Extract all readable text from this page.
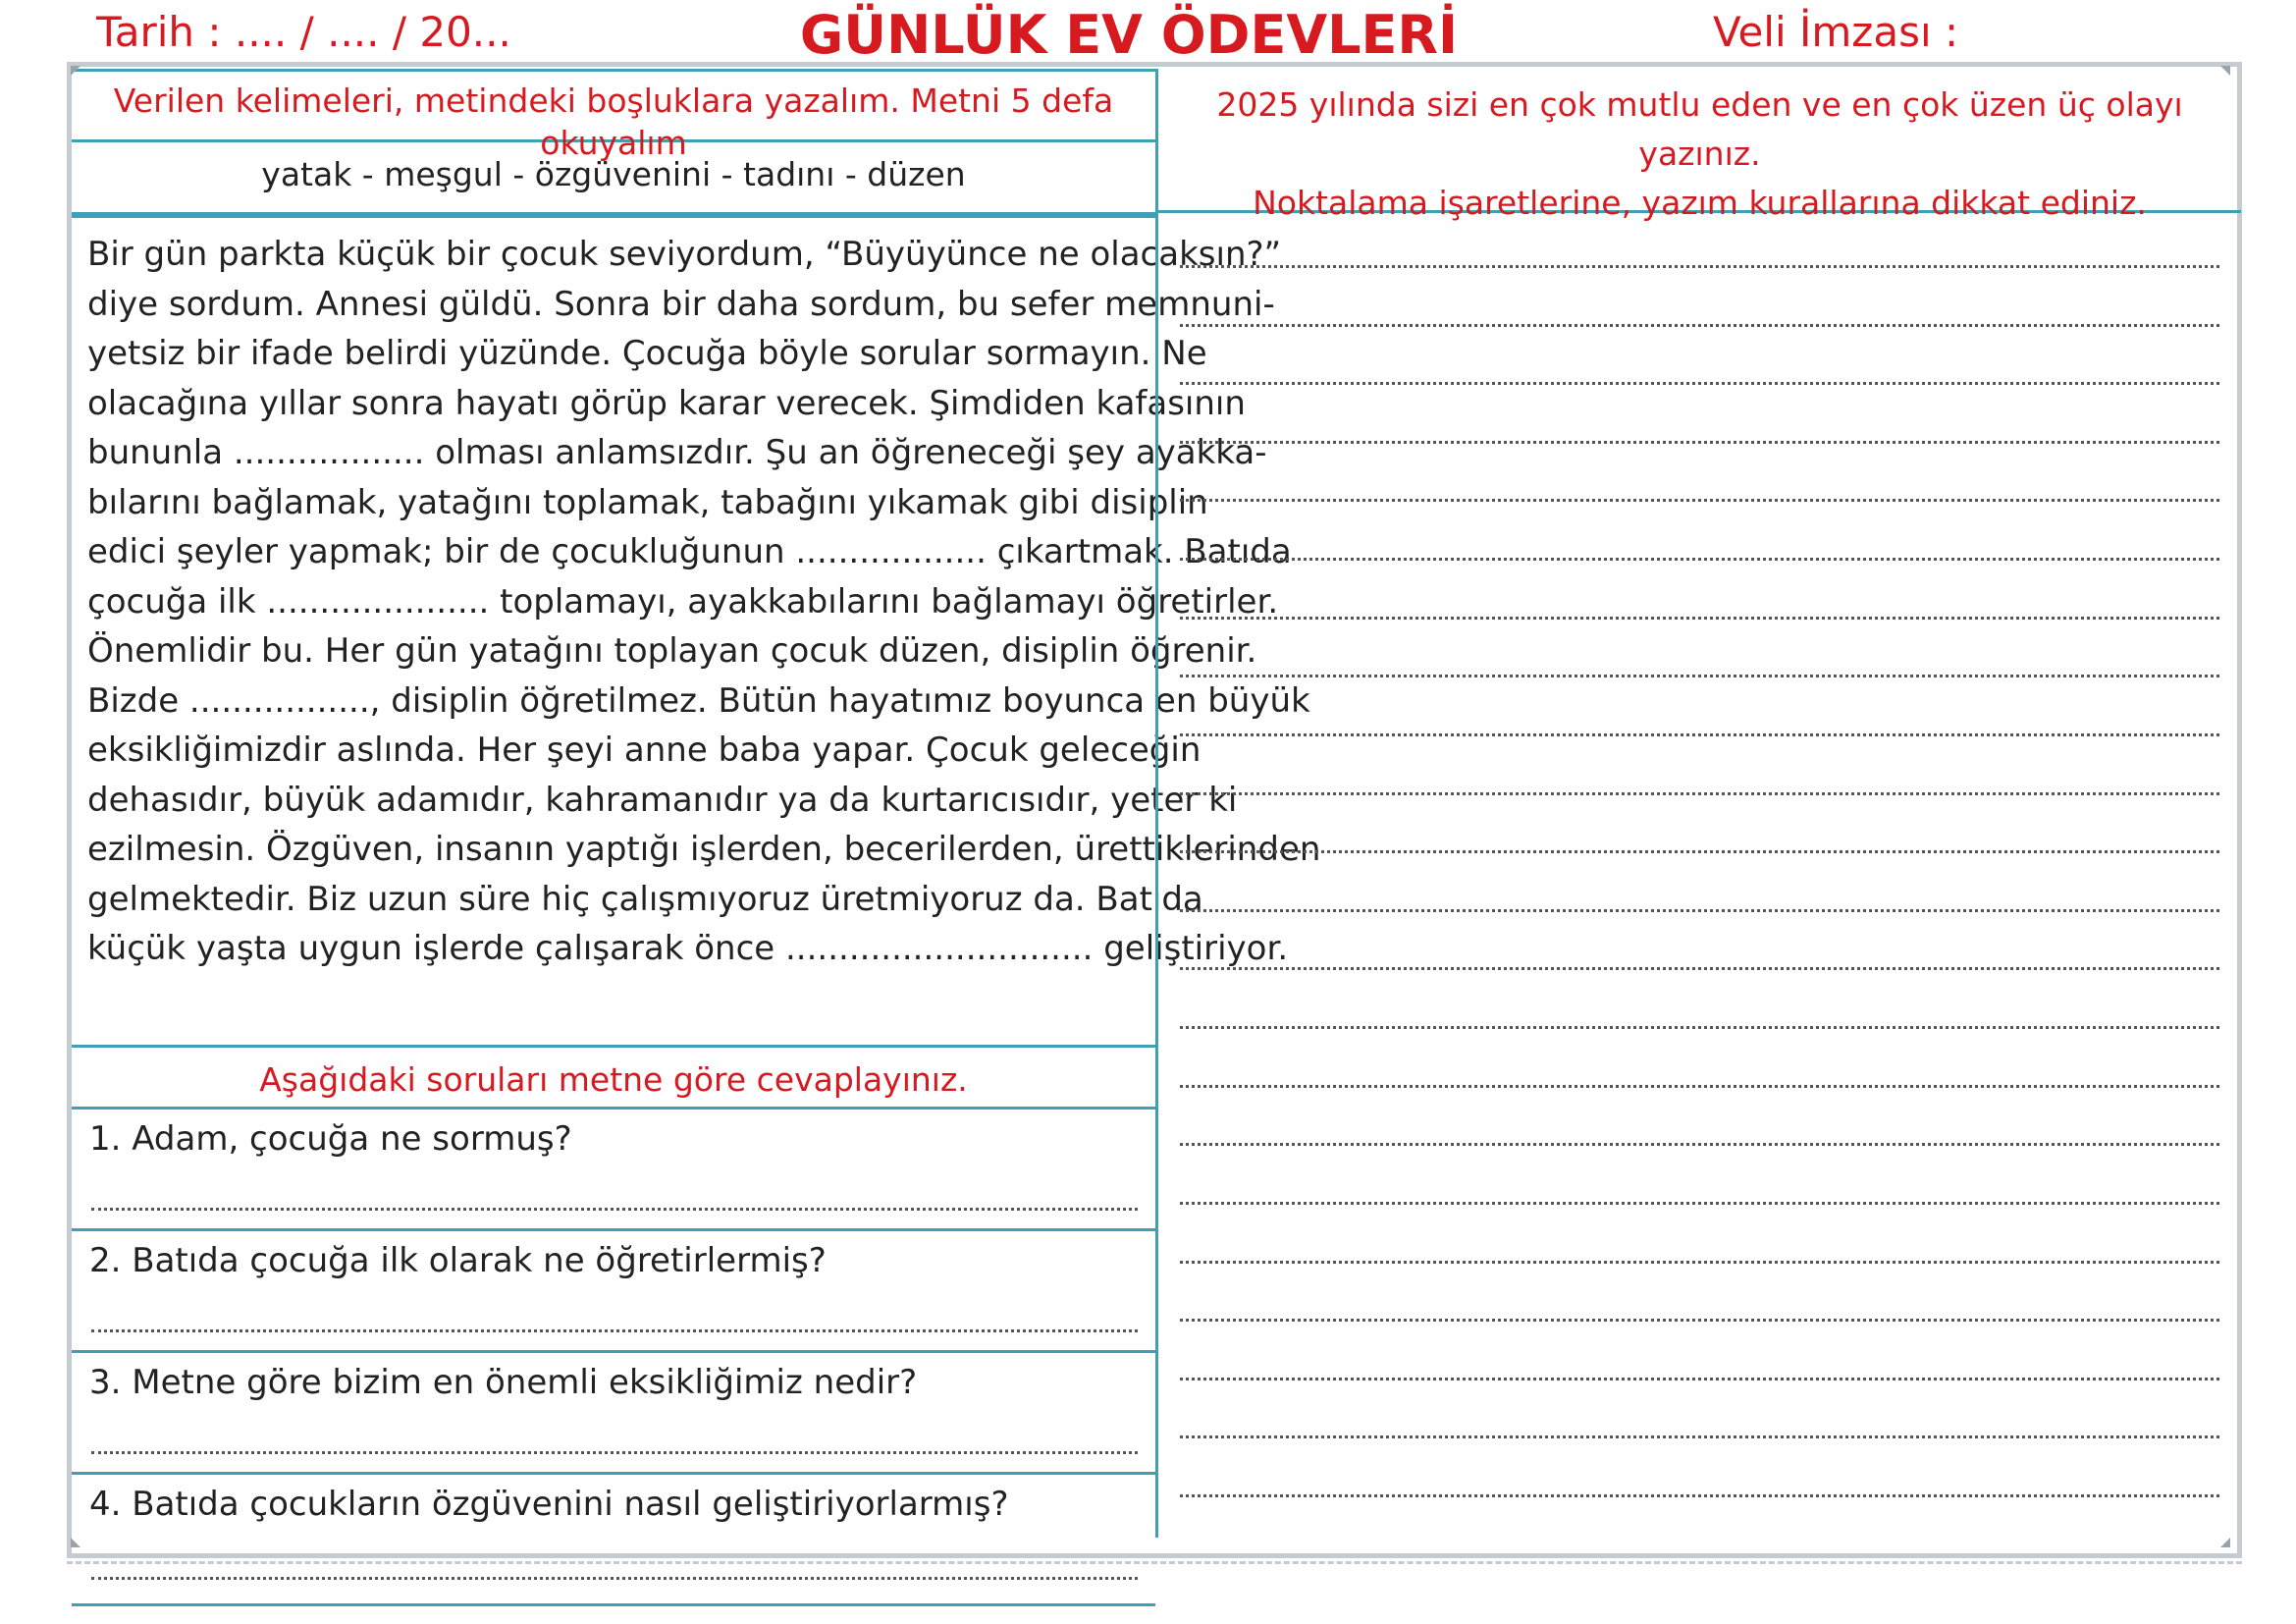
Tarih : .... / .... / 20...	GÜNLÜK EV ÖDEVLERİ	Veli İmzası :
Verilen kelimeleri, metindeki boşluklara yazalım. Metni 5 defa okuyalım
yatak - meşgul - özgüvenini - tadını - düzen
Bir gün parkta küçük bir çocuk seviyordum, “Büyüyünce ne olacaksın?”
diye sordum. Annesi güldü. Sonra bir daha sordum, bu sefer memnuni-
yetsiz bir ifade belirdi yüzünde. Çocuğa böyle sorular sormayın. Ne
olacağına yıllar sonra hayatı görüp karar verecek. Şimdiden kafasının
bununla .................. olması anlamsızdır. Şu an öğreneceği şey ayakka-
bılarını bağlamak, yatağını toplamak, tabağını yıkamak gibi disiplin
edici şeyler yapmak; bir de çocukluğunun .................. çıkartmak. Batıda
çocuğa ilk ..................... toplamayı, ayakkabılarını bağlamayı öğretirler.
Önemlidir bu. Her gün yatağını toplayan çocuk düzen, disiplin öğrenir.
Bizde ................., disiplin öğretilmez. Bütün hayatımız boyunca en büyük
eksikliğimizdir aslında. Her şeyi anne baba yapar. Çocuk geleceğin
dehasıdır, büyük adamıdır, kahramanıdır ya da kurtarıcısıdır, yeter ki
ezilmesin. Özgüven, insanın yaptığı işlerden, becerilerden, ürettiklerinden
gelmektedir. Biz uzun süre hiç çalışmıyoruz üretmiyoruz da. Batıda
küçük yaşta uygun işlerde çalışarak önce ............................. geliştiriyor.
Aşağıdaki soruları metne göre cevaplayınız.
1. Adam, çocuğa ne sormuş?
2. Batıda çocuğa ilk olarak ne öğretirlermiş?
3. Metne göre bizim en önemli eksikliğimiz nedir?
4. Batıda çocukların özgüvenini nasıl geliştiriyorlarmış?
2025 yılında sizi en çok mutlu eden ve en çok üzen üç olayı yazınız.
Noktalama işaretlerine, yazım kurallarına dikkat ediniz.
